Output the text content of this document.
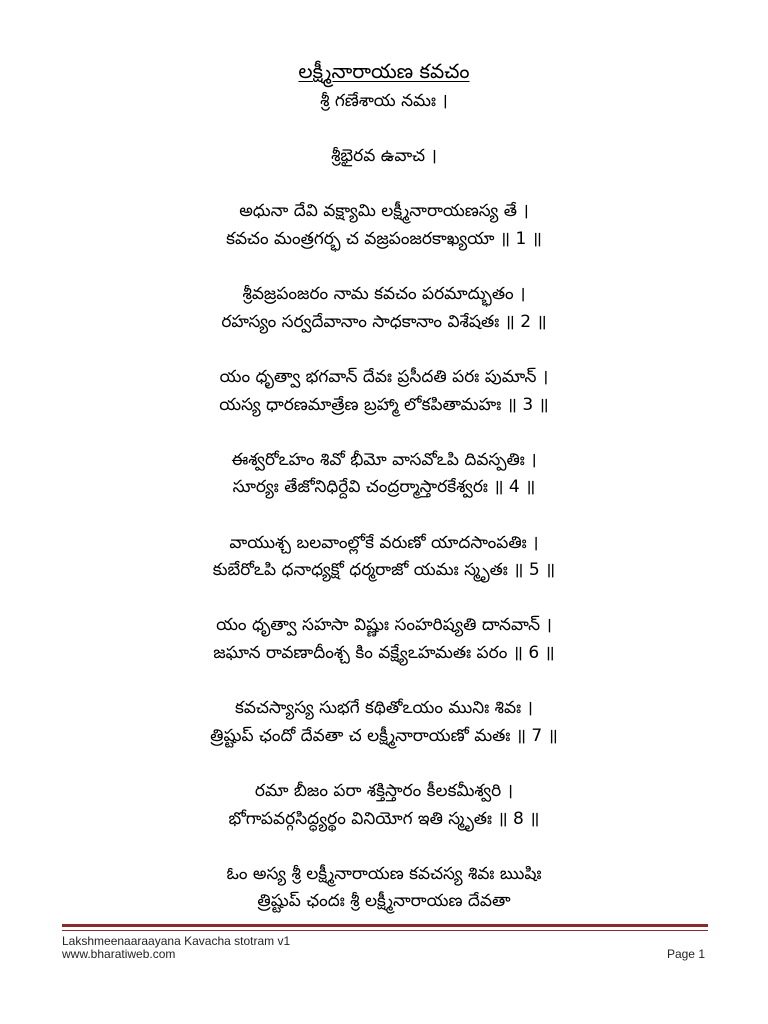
లక్ష్మీనారాయణ కవచం
శ్రీ గణేశాయ నమః ।
శ్రీభైరవ ఉవాచ ।
అధునా దేవి వక్ష్యామి లక్ష్మీనారాయణస్య తే ।
కవచం మంత్రగర్భ చ వజ్రపంజరకాఖ్యయా ॥ 1 ॥
శ్రీవజ్రపంజరం నామ కవచం పరమాద్భుతం ।
రహస్యం సర్వదేవానాం సాధకానాం విశేషతః ॥ 2 ॥
యం ధృత్వా భగవాన్ దేవః ప్రసీదతి పరః పుమాన్ ।
యస్య ధారణమాత్రేణ బ్రహ్మా లోకపితామహః ॥ 3 ॥
ఈశ్వరోఽహం శివో భీమో వాసవోఽపి దివస్పతిః ।
సూర్యః తేజోనిధిర్దేవి చంద్రర్మాస్తారకేశ్వరః ॥ 4 ॥
వాయుశ్చ బలవాంల్లోకే వరుణో యాదసాంపతిః ।
కుబేరోఽపి ధనాధ్యక్షో ధర్మరాజో యమః స్మృతః ॥ 5 ॥
యం ధృత్వా సహసా విష్ణుః సంహరిష్యతి దానవాన్ ।
జఘాన రావణాదీంశ్చ కిం వక్ష్యేఽహమతః పరం ॥ 6 ॥
కవచస్యాస్య సుభగే కథితోఽయం మునిః శివః ।
త్రిష్టుప్ ఛందో దేవతా చ లక్ష్మీనారాయణో మతః ॥ 7 ॥
రమా బీజం పరా శక్తిస్తారం కీలకమీశ్వరి ।
భోగాపవర్గసిద్ధ్యర్థం వినియోగ ఇతి స్మృతః ॥ 8 ॥
ఓం అస్య శ్రీ లక్ష్మీనారాయణ కవచస్య శివః ఋషిః
త్రిష్టుప్ ఛందః శ్రీ లక్ష్మీనారాయణ దేవతా
Lakshmeenaaraayana Kavacha stotram v1
www.bharatiweb.com	Page 1
